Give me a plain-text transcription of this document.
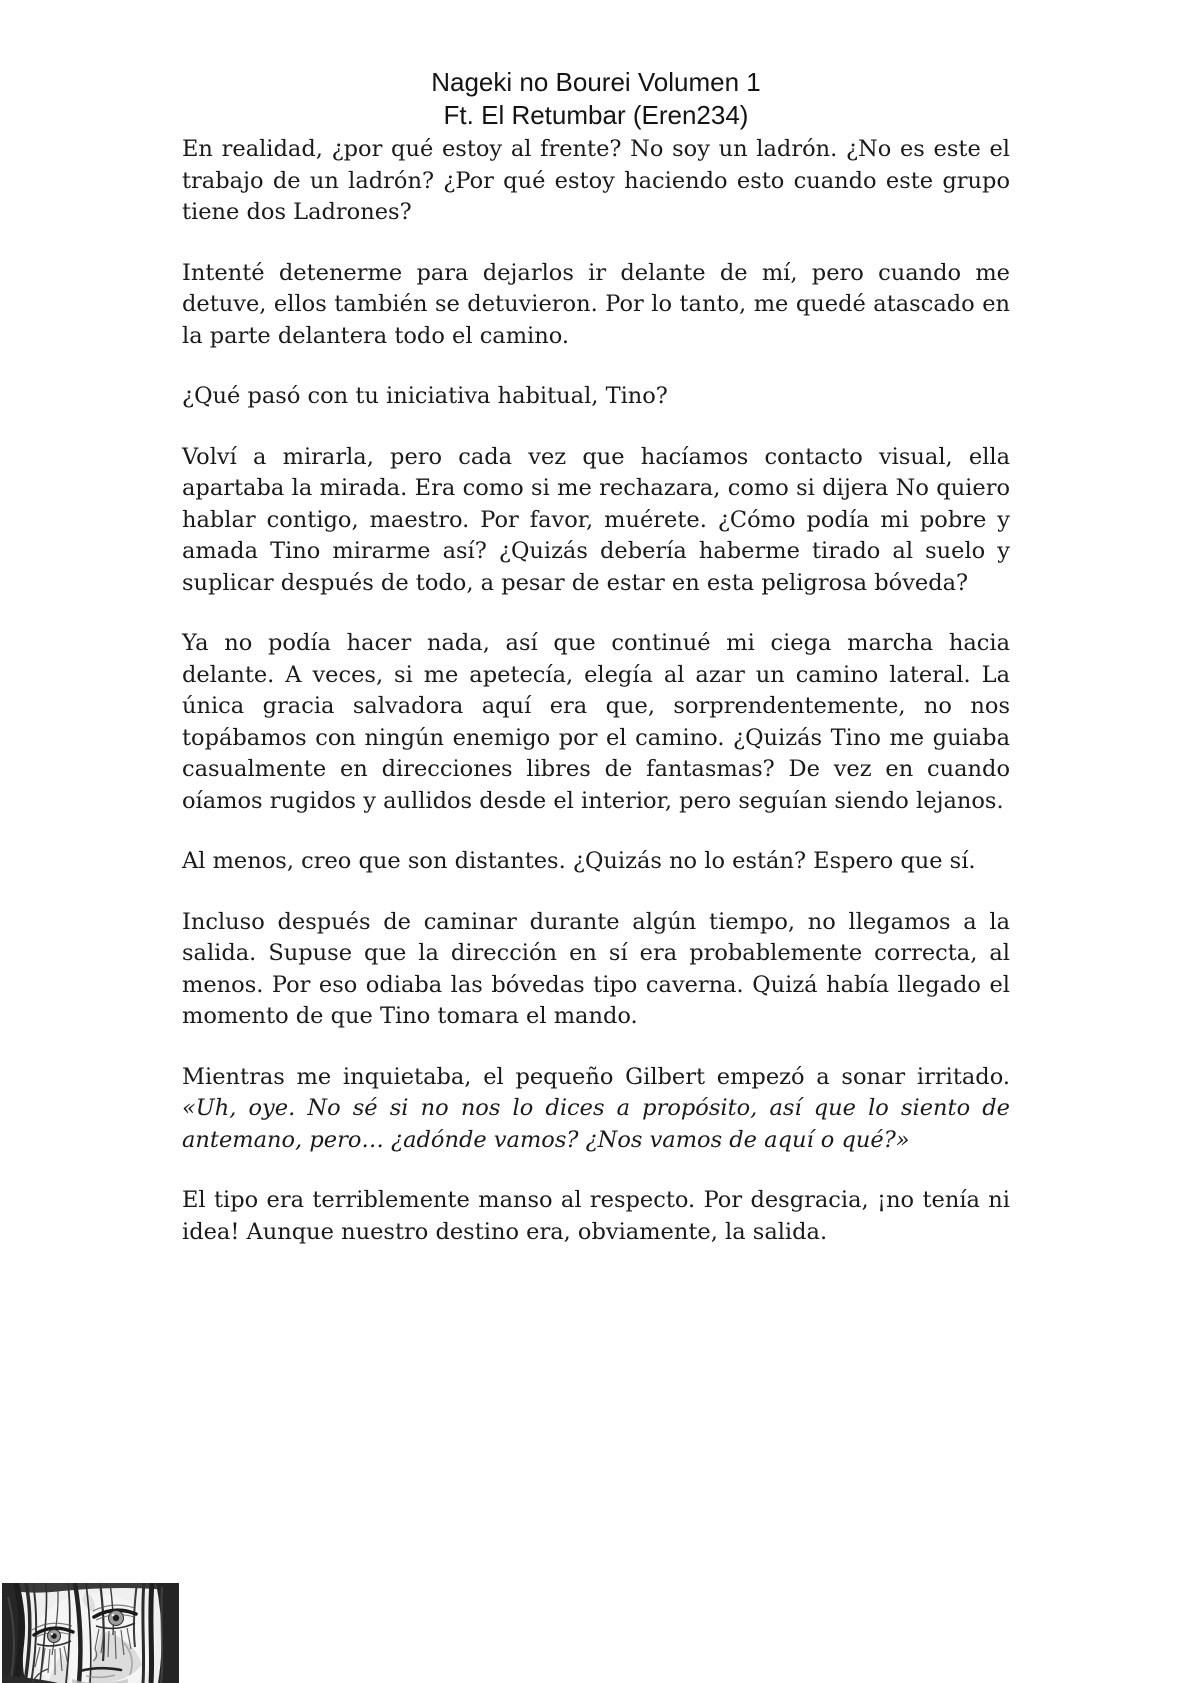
Nageki no Bourei Volumen 1
Ft. El Retumbar (Eren234)

En realidad, ¿por qué estoy al frente? No soy un ladrón. ¿No es este el trabajo de un ladrón? ¿Por qué estoy haciendo esto cuando este grupo tiene dos Ladrones?

Intenté detenerme para dejarlos ir delante de mí, pero cuando me detuve, ellos también se detuvieron. Por lo tanto, me quedé atascado en la parte delantera todo el camino.

¿Qué pasó con tu iniciativa habitual, Tino?

Volví a mirarla, pero cada vez que hacíamos contacto visual, ella apartaba la mirada. Era como si me rechazara, como si dijera No quiero hablar contigo, maestro. Por favor, muérete. ¿Cómo podía mi pobre y amada Tino mirarme así? ¿Quizás debería haberme tirado al suelo y suplicar después de todo, a pesar de estar en esta peligrosa bóveda?

Ya no podía hacer nada, así que continué mi ciega marcha hacia delante. A veces, si me apetecía, elegía al azar un camino lateral. La única gracia salvadora aquí era que, sorprendentemente, no nos topábamos con ningún enemigo por el camino. ¿Quizás Tino me guiaba casualmente en direcciones libres de fantasmas? De vez en cuando oíamos rugidos y aullidos desde el interior, pero seguían siendo lejanos.

Al menos, creo que son distantes. ¿Quizás no lo están? Espero que sí.

Incluso después de caminar durante algún tiempo, no llegamos a la salida. Supuse que la dirección en sí era probablemente correcta, al menos. Por eso odiaba las bóvedas tipo caverna. Quizá había llegado el momento de que Tino tomara el mando.

Mientras me inquietaba, el pequeño Gilbert empezó a sonar irritado. «Uh, oye. No sé si no nos lo dices a propósito, así que lo siento de antemano, pero… ¿adónde vamos? ¿Nos vamos de aquí o qué?»

El tipo era terriblemente manso al respecto. Por desgracia, ¡no tenía ni idea! Aunque nuestro destino era, obviamente, la salida.
